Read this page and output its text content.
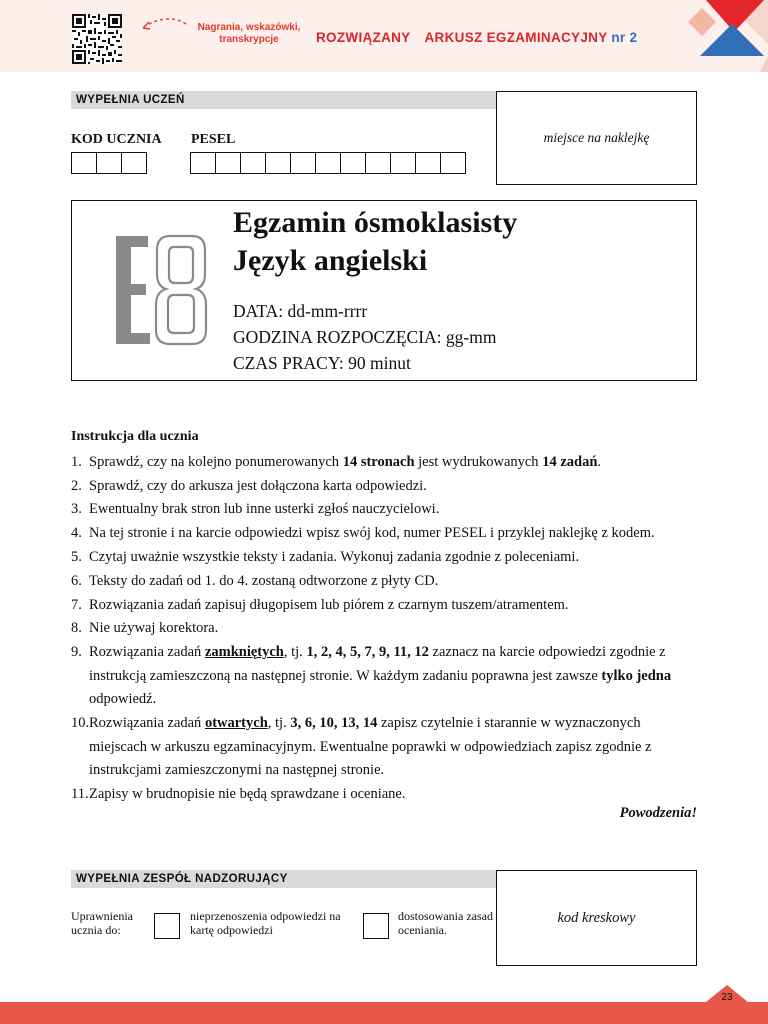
Nagrania, wskazówki, transkrypcje	ROZWIĄZANY ARKUSZ EGZAMINACYJNY nr 2
WYPEŁNIA UCZEŃ
KOD UCZNIA PESEL	miejsce na naklejkę
E8 Egzamin ósmoklasisty
Język angielski
DATA: dd-mm-rrrr
GODZINA ROZPOCZĘCIA: gg-mm
CZAS PRACY: 90 minut
Instrukcja dla ucznia
1. Sprawdź, czy na kolejno ponumerowanych 14 stronach jest wydrukowanych 14 zadań.
2. Sprawdź, czy do arkusza jest dołączona karta odpowiedzi.
3. Ewentualny brak stron lub inne usterki zgłoś nauczycielowi.
4. Na tej stronie i na karcie odpowiedzi wpisz swój kod, numer PESEL i przyklej naklejkę z kodem.
5. Czytaj uważnie wszystkie teksty i zadania. Wykonuj zadania zgodnie z poleceniami.
6. Teksty do zadań od 1. do 4. zostaną odtworzone z płyty CD.
7. Rozwiązania zadań zapisuj długopisem lub piórem z czarnym tuszem/atramentem.
8. Nie używaj korektora.
9. Rozwiązania zadań zamkniętych, tj. 1, 2, 4, 5, 7, 9, 11, 12 zaznacz na karcie odpowiedzi zgodnie z instrukcją zamieszczoną na następnej stronie. W każdym zadaniu poprawna jest zawsze tylko jedna odpowiedź.
10. Rozwiązania zadań otwartych, tj. 3, 6, 10, 13, 14 zapisz czytelnie i starannie w wyznaczonych miejscach w arkuszu egzaminacyjnym. Ewentualne poprawki w odpowiedziach zapisz zgodnie z instrukcjami zamieszczonymi na następnej stronie.
11. Zapisy w brudnopisie nie będą sprawdzane i oceniane.
Powodzenia!
WYPEŁNIA ZESPÓŁ NADZORUJĄCY
Uprawnienia ucznia do:
nieprzenoszenia odpowiedzi na kartę odpowiedzi
dostosowania zasad oceniania.
kod kreskowy
23
